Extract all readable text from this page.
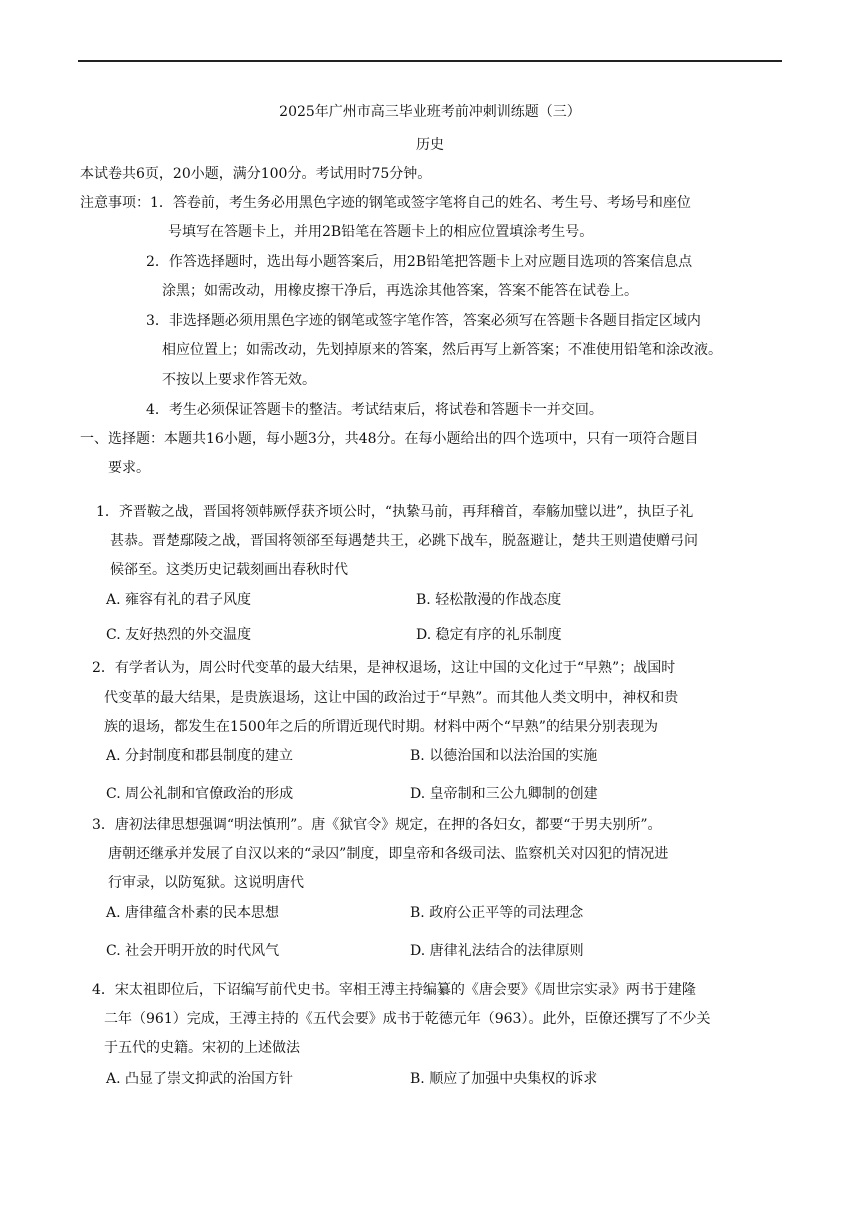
2025年广州市高三毕业班考前冲刺训练题（三）
历史
本试卷共6页，20小题，满分100分。考试用时75分钟。
注意事项： 1．答卷前，考生务必用黑色字迹的钢笔或签字笔将自己的姓名、考生号、考场号和座位
号填写在答题卡上，并用2B铅笔在答题卡上的相应位置填涂考生号。
2．作答选择题时，选出每小题答案后，用2B铅笔把答题卡上对应题目选项的答案信息点
涂黑；如需改动，用橡皮擦干净后，再选涂其他答案，答案不能答在试卷上。
3．非选择题必须用黑色字迹的钢笔或签字笔作答，答案必须写在答题卡各题目指定区域内
相应位置上；如需改动，先划掉原来的答案，然后再写上新答案；不准使用铅笔和涂改液。
不按以上要求作答无效。
4．考生必须保证答题卡的整洁。考试结束后，将试卷和答题卡一并交回。
一、选择题：本题共16小题，每小题3分，共48分。在每小题给出的四个选项中，只有一项符合题目
要求。
1．齐晋鞍之战，晋国将领韩厥俘获齐顷公时，“执絷马前，再拜稽首，奉觞加璧以进”，执臣子礼
甚恭。晋楚鄢陵之战，晋国将领郤至每遇楚共王，必跳下战车，脱盔避让，楚共王则遣使赠弓问
候郤至。这类历史记载刻画出春秋时代
A. 雍容有礼的君子风度	B. 轻松散漫的作战态度
C. 友好热烈的外交温度	D. 稳定有序的礼乐制度
2．有学者认为，周公时代变革的最大结果，是神权退场，这让中国的文化过于“早熟”；战国时
代变革的最大结果，是贵族退场，这让中国的政治过于“早熟”。而其他人类文明中，神权和贵
族的退场，都发生在1500年之后的所谓近现代时期。材料中两个“早熟”的结果分别表现为
A. 分封制度和郡县制度的建立	B. 以德治国和以法治国的实施
C. 周公礼制和官僚政治的形成	D. 皇帝制和三公九卿制的创建
3．唐初法律思想强调“明法慎刑”。唐《狱官令》规定，在押的各妇女，都要“于男夫别所”。
唐朝还继承并发展了自汉以来的“录囚”制度，即皇帝和各级司法、监察机关对囚犯的情况进
行审录，以防冤狱。这说明唐代
A. 唐律蕴含朴素的民本思想	B. 政府公正平等的司法理念
C. 社会开明开放的时代风气	D. 唐律礼法结合的法律原则
4．宋太祖即位后，下诏编写前代史书。宰相王溥主持编纂的《唐会要》《周世宗实录》两书于建隆
二年（961）完成，王溥主持的《五代会要》成书于乾德元年（963）。此外，臣僚还撰写了不少关
于五代的史籍。宋初的上述做法
A. 凸显了崇文抑武的治国方针	B. 顺应了加强中央集权的诉求
